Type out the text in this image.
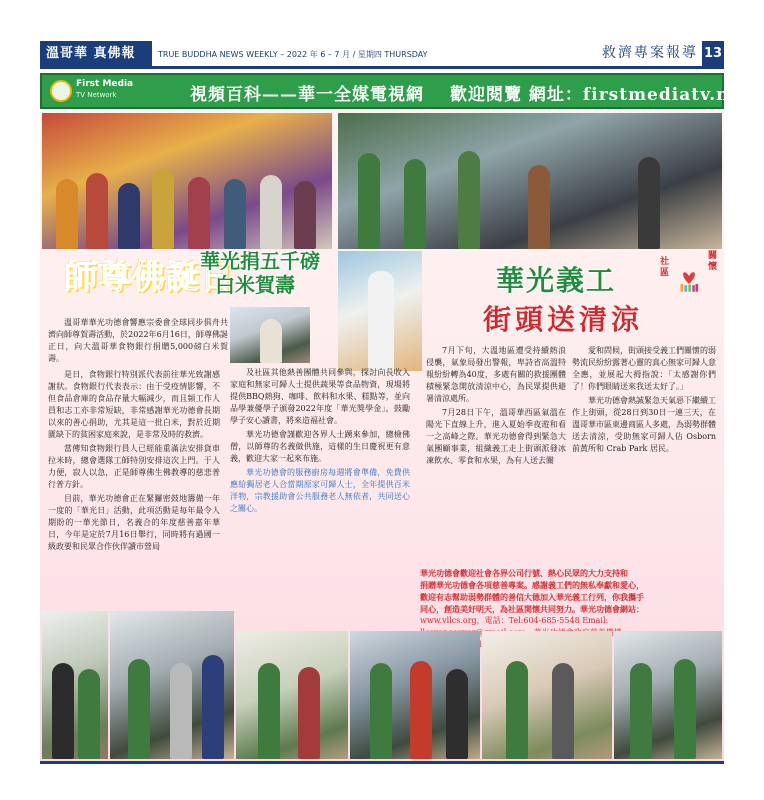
溫哥華 真佛報	TRUE BUDDHA NEWS WEEKLY – 2022 年 6 – 7 月 / 星期四 THURSDAY	救濟專案報導 13
First Media
TV Network	視頻百科——華一全媒電視網 歡迎閱覽 網址：firstmediatv.net
師尊佛誕日
華光捐五千磅
白米賀壽	華光義工
街頭送清涼
社區
關懷

溫哥華華光功德會響應宗委會全球同步俱舟共濟向師尊賀壽活動，於2022年6月16日，師尊佛誕正日，向大溫哥華食物銀行捐贈5,000磅白米賀壽。

是日，食物銀行特別派代表前往華光致謝感謝狀。食物銀行代表表示：由于受疫情影響，不但食品倉庫的食品存量大幅減少，而且頻工作人員和志工亦非常短缺，非常感謝華光功德會長期以來的善心捐助，尤其是這一批白米，對於近期匱缺下的貧困家庭來說，是非常及時的救濟。

當傳知食物銀行員人已經能重滿法安排貨車拉米時，總會選隊工師特別安排這次上門。于人力便，寂人以急，正是師尊佛生佛教導的慈悲普行普方針。

目前，華光功德會正在緊鑼密鼓地籌備一年一度的「華光日」活動，此項活動是每年最令人期盼的一華光節日，名義合的年度慈善嘉年華日，今年是定於7月16日舉行，同時將有過國一級政要和民眾合作伙伴讀市營局

及社區其他熱善團體共同參與，探討向長收入家庭和無家可歸人士提供蔬果等食品物資，現場將提供BBQ熱狗、咖啡、飲料和水果、糕點等，並向品學兼優學子頒發2022年度「華光獎學金」，鼓勵學子安心讀書，將來造福社會。

華光功德會謹歡迎各界人士踴來參加，總檢佛僧，以師尊的名義做供施，這樣的生日慶祝更有意義，歡迎大家一起來布施。

華光功德會的服務廚房每週將會準備，免費供應給獨居老人合當期原家可歸人士，全年提供百米洋物，宗教援助會公共服務老人無依者，共同送心之關心。

7月下旬，大溫地區遭受持續熱浪侵襲，氣象局發出警報，卑詩省高溫特報紛紛轉為40度，多處有關的救援團體積極緊急開放清涼中心，為民眾提供避暑清涼處所。

7月28日下午，溫哥華西區氣溫在陽光下直線上升，進入夏始季夜遊和看一之高峰之際。華光功德會得到緊急大氣團顧事業，組織義工走上街頭派發冰凍飲水、零食和水果，為有人送去關

愛和問候，街頭接受義工們關懷的弱勢流民紛紛露著心靈的真心無家可歸人意全應，並展起大拇指說：「太感謝你們了！你們眼睛送來我送太好了。」

華光功德會熱誠緊急天氣惡下繼續工作上街頭，從28日到30日一連三天，在溫哥華市區東邊商區人多處，為弱勢群體送去清涼，受助無家可歸人佔 Osborn 前黃所和 Crab Park 居民。

華光功德會歡迎社會各界公司行號、熱心民眾的大力支持和
捐贈華光功德會各項慈善專案。感謝義工們的無私奉獻和愛心，
歡迎有志幫助弱勢群體的善信大德加入華光義工行列，你我攜手
同心，創造美好明天，為社區関懷共同努力。華光功德會網站：
www.vllcs.org，電話：Tel:604-685-5548 Email:
